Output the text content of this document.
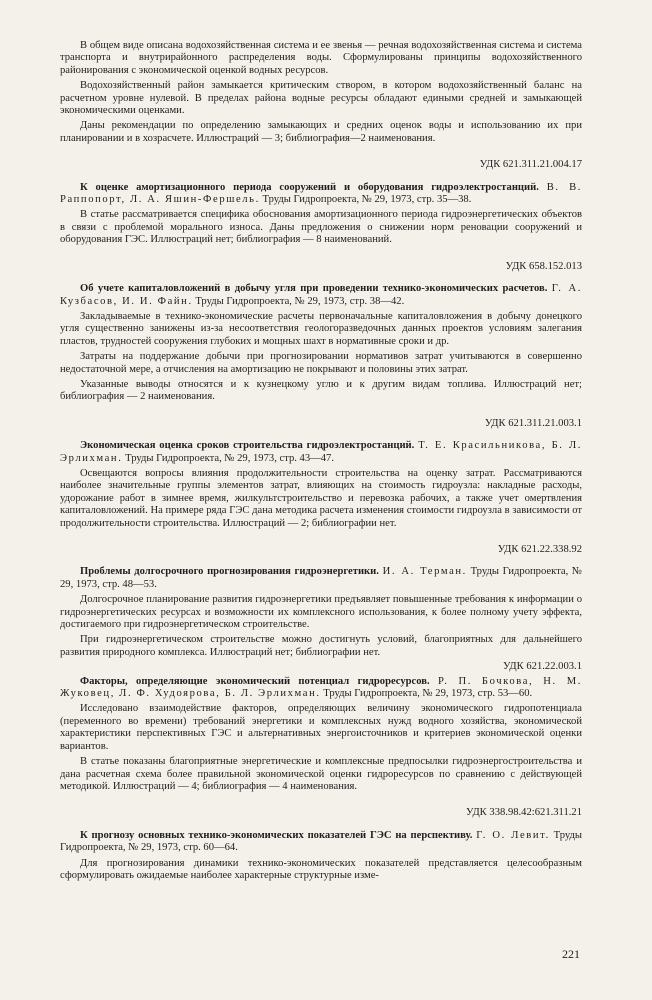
В общем виде описана водохозяйственная система и ее звенья — речная водохозяйственная система и система транспорта и внутрирайонного распределения воды. Сформулированы принципы водохозяйственного районирования с экономической оценкой водных ресурсов.

Водохозяйственный район замыкается критическим створом, в котором водохозяйственный баланс на расчетном уровне нулевой. В пределах района водные ресурсы обладают едиными средней и замыкающей экономическими оценками.

Даны рекомендации по определению замыкающих и средних оценок воды и использованию их при планировании и в хозрасчете. Иллюстраций — 3; библиография—2 наименования.

УДК 621.311.21.004.17

К оценке амортизационного периода сооружений и оборудования гидроэлектростанций. В. В. Раппопорт, Л. А. Яшин-Фершель. Труды Гидропроекта, № 29, 1973, стр. 35—38.

В статье рассматривается специфика обоснования амортизационного периода гидроэнергетических объектов в связи с проблемой морального износа. Даны предложения о снижении норм реновации сооружений и оборудования ГЭС. Иллюстраций нет; библиография — 8 наименований.

УДК 658.152.013

Об учете капиталовложений в добычу угля при проведении технико-экономических расчетов. Г. А. Кузбасов, И. И. Файн. Труды Гидропроекта, № 29, 1973, стр. 38—42.

Закладываемые в технико-экономические расчеты первоначальные капиталовложения в добычу донецкого угля существенно занижены из-за несоответствия геологоразведочных данных проектов условиям залегания пластов, трудностей сооружения глубоких и мощных шахт в нормативные сроки и др.

Затраты на поддержание добычи при прогнозировании нормативов затрат учитываются в совершенно недостаточной мере, а отчисления на амортизацию не покрывают и половины этих затрат.

Указанные выводы относятся и к кузнецкому углю и к другим видам топлива. Иллюстраций нет; библиография — 2 наименования.

УДК 621.311.21.003.1

Экономическая оценка сроков строительства гидроэлектростанций. Т. Е. Красильникова, Б. Л. Эрлихман. Труды Гидропроекта, № 29, 1973, стр. 43—47.

Освещаются вопросы влияния продолжительности строительства на оценку затрат. Рассматриваются наиболее значительные группы элементов затрат, влияющих на стоимость гидроузла: накладные расходы, удорожание работ в зимнее время, жилкультстроительство и перевозка рабочих, а также учет омертвления капиталовложений. На примере ряда ГЭС дана методика расчета изменения стоимости гидроузла в зависимости от продолжительности строительства. Иллюстраций — 2; библиографии нет.

УДК 621.22.338.92

Проблемы долгосрочного прогнозирования гидроэнергетики. И. А. Терман. Труды Гидропроекта, № 29, 1973, стр. 48—53.

Долгосрочное планирование развития гидроэнергетики предъявляет повышенные требования к информации о гидроэнергетических ресурсах и возможности их комплексного использования, к более полному учету эффекта, достигаемого при гидроэнергетическом строительстве.

При гидроэнергетическом строительстве можно достигнуть условий, благоприятных для дальнейшего развития природного комплекса. Иллюстраций нет; библиографии нет.

УДК 621.22.003.1

Факторы, определяющие экономический потенциал гидроресурсов. Р. П. Бочкова, Н. М. Жуковец, Л. Ф. Худоярова, Б. Л. Эрлихман. Труды Гидропроекта, № 29, 1973, стр. 53—60.

Исследовано взаимодействие факторов, определяющих величину экономического гидропотенциала (переменного во времени) требований энергетики и комплексных нужд водного хозяйства, экономической характеристики перспективных ГЭС и альтернативных энергоисточников и критериев экономической оценки вариантов.

В статье показаны благоприятные энергетические и комплексные предпосылки гидроэнергостроительства и дана расчетная схема более правильной экономической оценки гидроресурсов по сравнению с действующей методикой. Иллюстраций — 4; библиография — 4 наименования.

УДК 338.98.42:621.311.21

К прогнозу основных технико-экономических показателей ГЭС на перспективу. Г. О. Левит. Труды Гидропроекта, № 29, 1973, стр. 60—64.

Для прогнозирования динамики технико-экономических показателей представляется целесообразным сформулировать ожидаемые наиболее характерные структурные изме-

221
